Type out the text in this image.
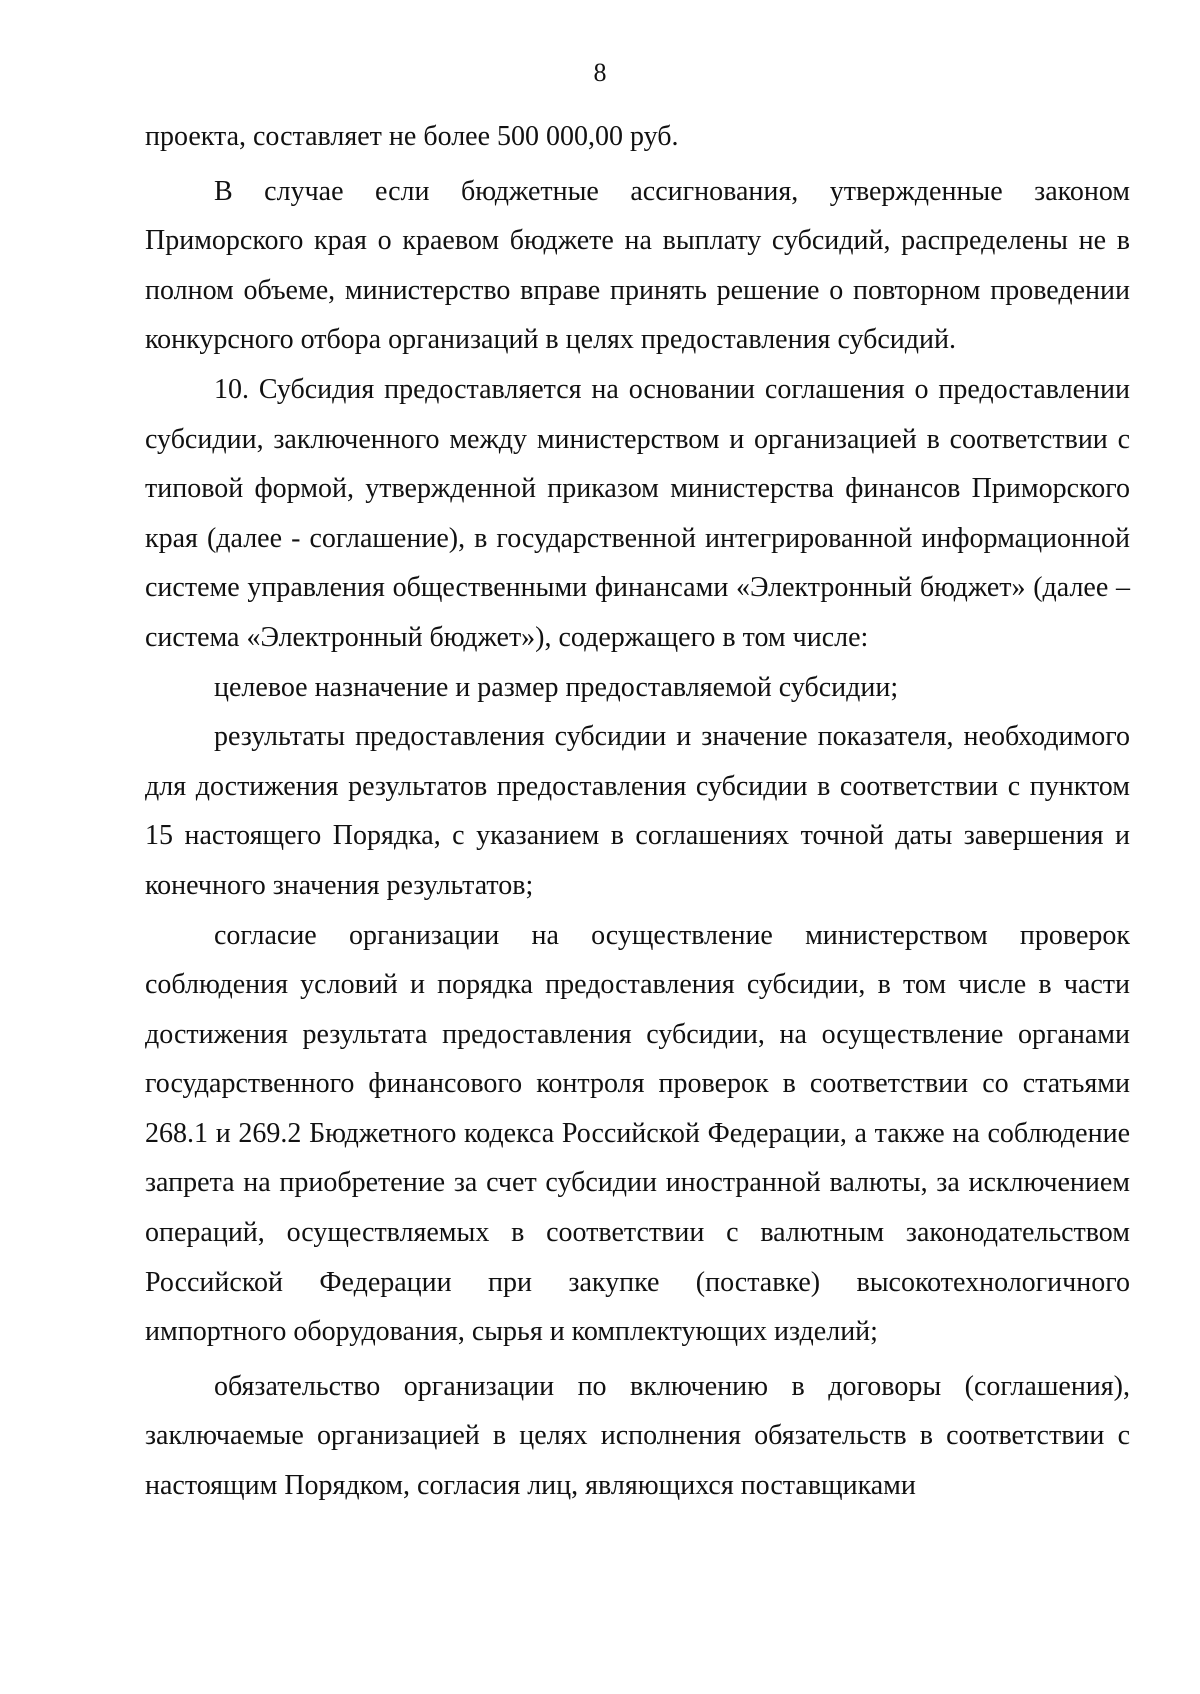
8

проекта, составляет не более 500 000,00 руб.

В случае если бюджетные ассигнования, утвержденные законом Приморского края о краевом бюджете на выплату субсидий, распределены не в полном объеме, министерство вправе принять решение о повторном проведении конкурсного отбора организаций в целях предоставления субсидий.

10. Субсидия предоставляется на основании соглашения о предоставлении субсидии, заключенного между министерством и организацией в соответствии с типовой формой, утвержденной приказом министерства финансов Приморского края (далее - соглашение), в государственной интегрированной информационной системе управления общественными финансами «Электронный бюджет» (далее – система «Электронный бюджет»), содержащего в том числе:

целевое назначение и размер предоставляемой субсидии;

результаты предоставления субсидии и значение показателя, необходимого для достижения результатов предоставления субсидии в соответствии с пунктом 15 настоящего Порядка, с указанием в соглашениях точной даты завершения и конечного значения результатов;

согласие организации на осуществление министерством проверок соблюдения условий и порядка предоставления субсидии, в том числе в части достижения результата предоставления субсидии, на осуществление органами государственного финансового контроля проверок в соответствии со статьями 268.1 и 269.2 Бюджетного кодекса Российской Федерации, а также на соблюдение запрета на приобретение за счет субсидии иностранной валюты, за исключением операций, осуществляемых в соответствии с валютным законодательством Российской Федерации при закупке (поставке) высокотехнологичного импортного оборудования, сырья и комплектующих изделий;

обязательство организации по включению в договоры (соглашения), заключаемые организацией в целях исполнения обязательств в соответствии с настоящим Порядком, согласия лиц, являющихся поставщиками
